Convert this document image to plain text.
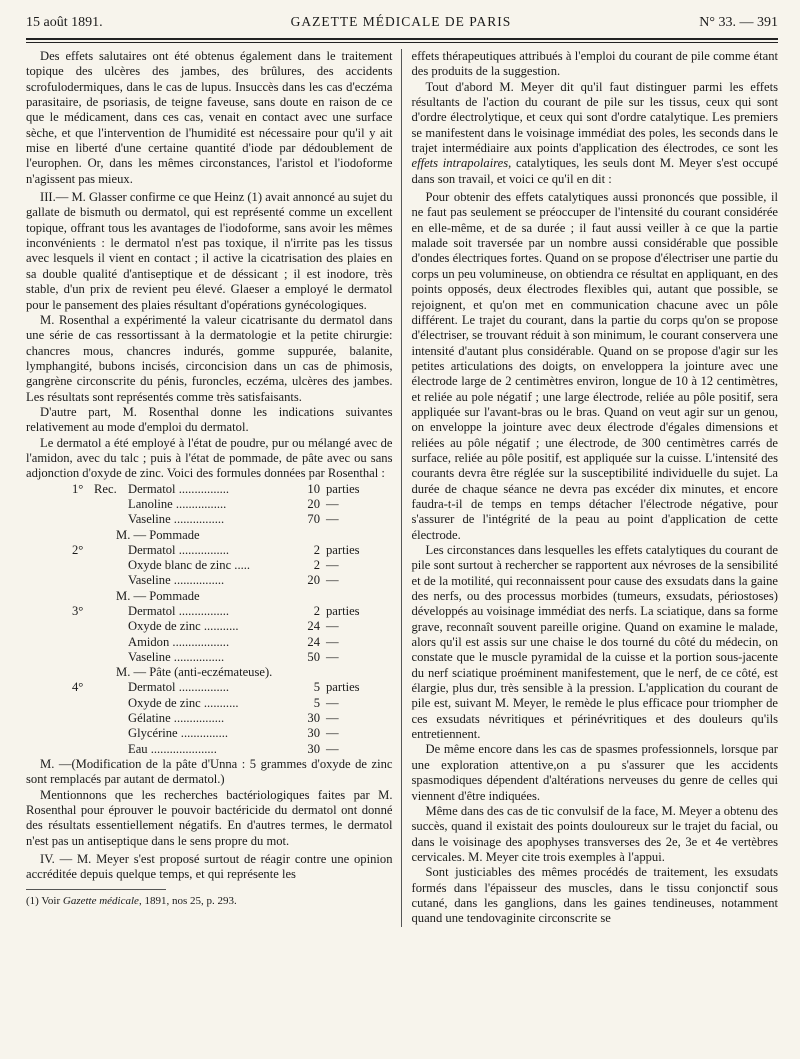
15 août 1891.	GAZETTE MÉDICALE DE PARIS	N° 33. — 391

Des effets salutaires ont été obtenus également dans le traitement topique des ulcères des jambes, des brûlures, des accidents scrofulodermiques, dans le cas de lupus. Insuccès dans les cas d'eczéma parasitaire, de psoriasis, de teigne faveuse, sans doute en raison de ce que le médicament, dans ces cas, venait en contact avec une surface sèche, et que l'intervention de l'humidité est nécessaire pour qu'il y ait mise en liberté d'une certaine quantité d'iode par dédoublement de l'europhen. Or, dans les mêmes circonstances, l'aristol et l'iodoforme n'agissent pas mieux.

III.— M. Glasser confirme ce que Heinz (1) avait annoncé au sujet du gallate de bismuth ou dermatol, qui est représenté comme un excellent topique, offrant tous les avantages de l'iodoforme, sans avoir les mêmes inconvénients : le dermatol n'est pas toxique, il n'irrite pas les tissus avec lesquels il vient en contact ; il active la cicatrisation des plaies en sa double qualité d'antiseptique et de déssicant ; il est inodore, très stable, d'un prix de revient peu élevé. Glaeser a employé le dermatol pour le pansement des plaies résultant d'opérations gynécologiques.

M. Rosenthal a expérimenté la valeur cicatrisante du dermatol dans une série de cas ressortissant à la dermatologie et la petite chirurgie: chancres mous, chancres indurés, gomme suppurée, balanite, lymphangité, bubons incisés, circoncision dans un cas de phimosis, gangrène circonscrite du pénis, furoncles, eczéma, ulcères des jambes. Les résultats sont représentés comme très satisfaisants.

D'autre part, M. Rosenthal donne les indications suivantes relativement au mode d'emploi du dermatol.

Le dermatol a été employé à l'état de poudre, pur ou mélangé avec de l'amidon, avec du talc ; puis à l'état de pommade, de pâte avec ou sans adjonction d'oxyde de zinc. Voici des formules données par Rosenthal :

1°	Rec.	Dermatol ................	10	parties
		Lanoline ................	20	—
		Vaseline ................	70	—
M. — Pommade				
2°		Dermatol ................	2	parties
		Oxyde blanc de zinc .....	2	—
		Vaseline ................	20	—
M. — Pommade				
3°		Dermatol ................	2	parties
		Oxyde de zinc ...........	24	—
		Amidon ..................	24	—
		Vaseline ................	50	—
M. — Pâte (anti-eczémateuse).				
4°		Dermatol ................	5	parties
		Oxyde de zinc ...........	5	—
		Gélatine ................	30	—
		Glycérine ...............	30	—
		Eau .....................	30	—

M. —(Modification de la pâte d'Unna : 5 grammes d'oxyde de zinc sont remplacés par autant de dermatol.)

Mentionnons que les recherches bactériologiques faites par M. Rosenthal pour éprouver le pouvoir bactéricide du dermatol ont donné des résultats essentiellement négatifs. En d'autres termes, le dermatol n'est pas un antiseptique dans le sens propre du mot.

IV. — M. Meyer s'est proposé surtout de réagir contre une opinion accréditée depuis quelque temps, et qui représente les

(1) Voir Gazette médicale, 1891, nos 25, p. 293.

effets thérapeutiques attribués à l'emploi du courant de pile comme étant des produits de la suggestion.

Tout d'abord M. Meyer dit qu'il faut distinguer parmi les effets résultants de l'action du courant de pile sur les tissus, ceux qui sont d'ordre électrolytique, et ceux qui sont d'ordre catalytique. Les premiers se manifestent dans le voisinage immédiat des poles, les seconds dans le trajet intermédiaire aux points d'application des électrodes, ce sont les effets intrapolaires, catalytiques, les seuls dont M. Meyer s'est occupé dans son travail, et voici ce qu'il en dit :

Pour obtenir des effets catalytiques aussi prononcés que possible, il ne faut pas seulement se préoccuper de l'intensité du courant considérée en elle-même, et de sa durée ; il faut aussi veiller à ce que la partie malade soit traversée par un nombre aussi considérable que possible d'ondes électriques fortes. Quand on se propose d'électriser une partie du corps un peu volumineuse, on obtiendra ce résultat en appliquant, en des points opposés, deux électrodes flexibles qui, autant que possible, se rejoignent, et qu'on met en communication chacune avec un pôle différent. Le trajet du courant, dans la partie du corps qu'on se propose d'électriser, se trouvant réduit à son minimum, le courant conservera une intensité d'autant plus considérable. Quand on se propose d'agir sur les petites articulations des doigts, on enveloppera la jointure avec une électrode large de 2 centimètres environ, longue de 10 à 12 centimètres, et reliée au pole négatif ; une large électrode, reliée au pôle positif, sera appliquée sur l'avant-bras ou le bras. Quand on veut agir sur un genou, on enveloppe la jointure avec deux électrode d'égales dimensions et reliées au pôle négatif ; une électrode, de 300 centimètres carrés de surface, reliée au pôle positif, est appliquée sur la cuisse. L'intensité des courants devra être réglée sur la susceptibilité individuelle du sujet. La durée de chaque séance ne devra pas excéder dix minutes, et encore faudra-t-il de temps en temps détacher l'électrode négative, pour s'assurer de l'intégrité de la peau au point d'application de cette électrode.

Les circonstances dans lesquelles les effets catalytiques du courant de pile sont surtout à rechercher se rapportent aux névroses de la sensibilité et de la motilité, qui reconnaissent pour cause des exsudats dans la gaine des nerfs, ou des processus morbides (tumeurs, exsudats, périostoses) développés au voisinage immédiat des nerfs. La sciatique, dans sa forme grave, reconnaît souvent pareille origine. Quand on examine le malade, alors qu'il est assis sur une chaise le dos tourné du côté du médecin, on constate que le muscle pyramidal de la cuisse et la portion sous-jacente du nerf sciatique proéminent manifestement, que le nerf, de ce côté, est élargie, plus dur, très sensible à la pression. L'application du courant de pile est, suivant M. Meyer, le remède le plus efficace pour triompher de ces exsudats névritiques et périnévritiques et des douleurs qu'ils entretiennent.

De même encore dans les cas de spasmes professionnels, lorsque par une exploration attentive,on a pu s'assurer que les accidents spasmodiques dépendent d'altérations nerveuses du genre de celles qui viennent d'être indiquées.

Même dans des cas de tic convulsif de la face, M. Meyer a obtenu des succès, quand il existait des points douloureux sur le trajet du facial, ou dans le voisinage des apophyses transverses des 2e, 3e et 4e vertèbres cervicales. M. Meyer cite trois exemples à l'appui.

Sont justiciables des mêmes procédés de traitement, les exsudats formés dans l'épaisseur des muscles, dans le tissu conjonctif sous cutané, dans les ganglions, dans les gaines tendineuses, notamment quand une tendovaginite circonscrite se
